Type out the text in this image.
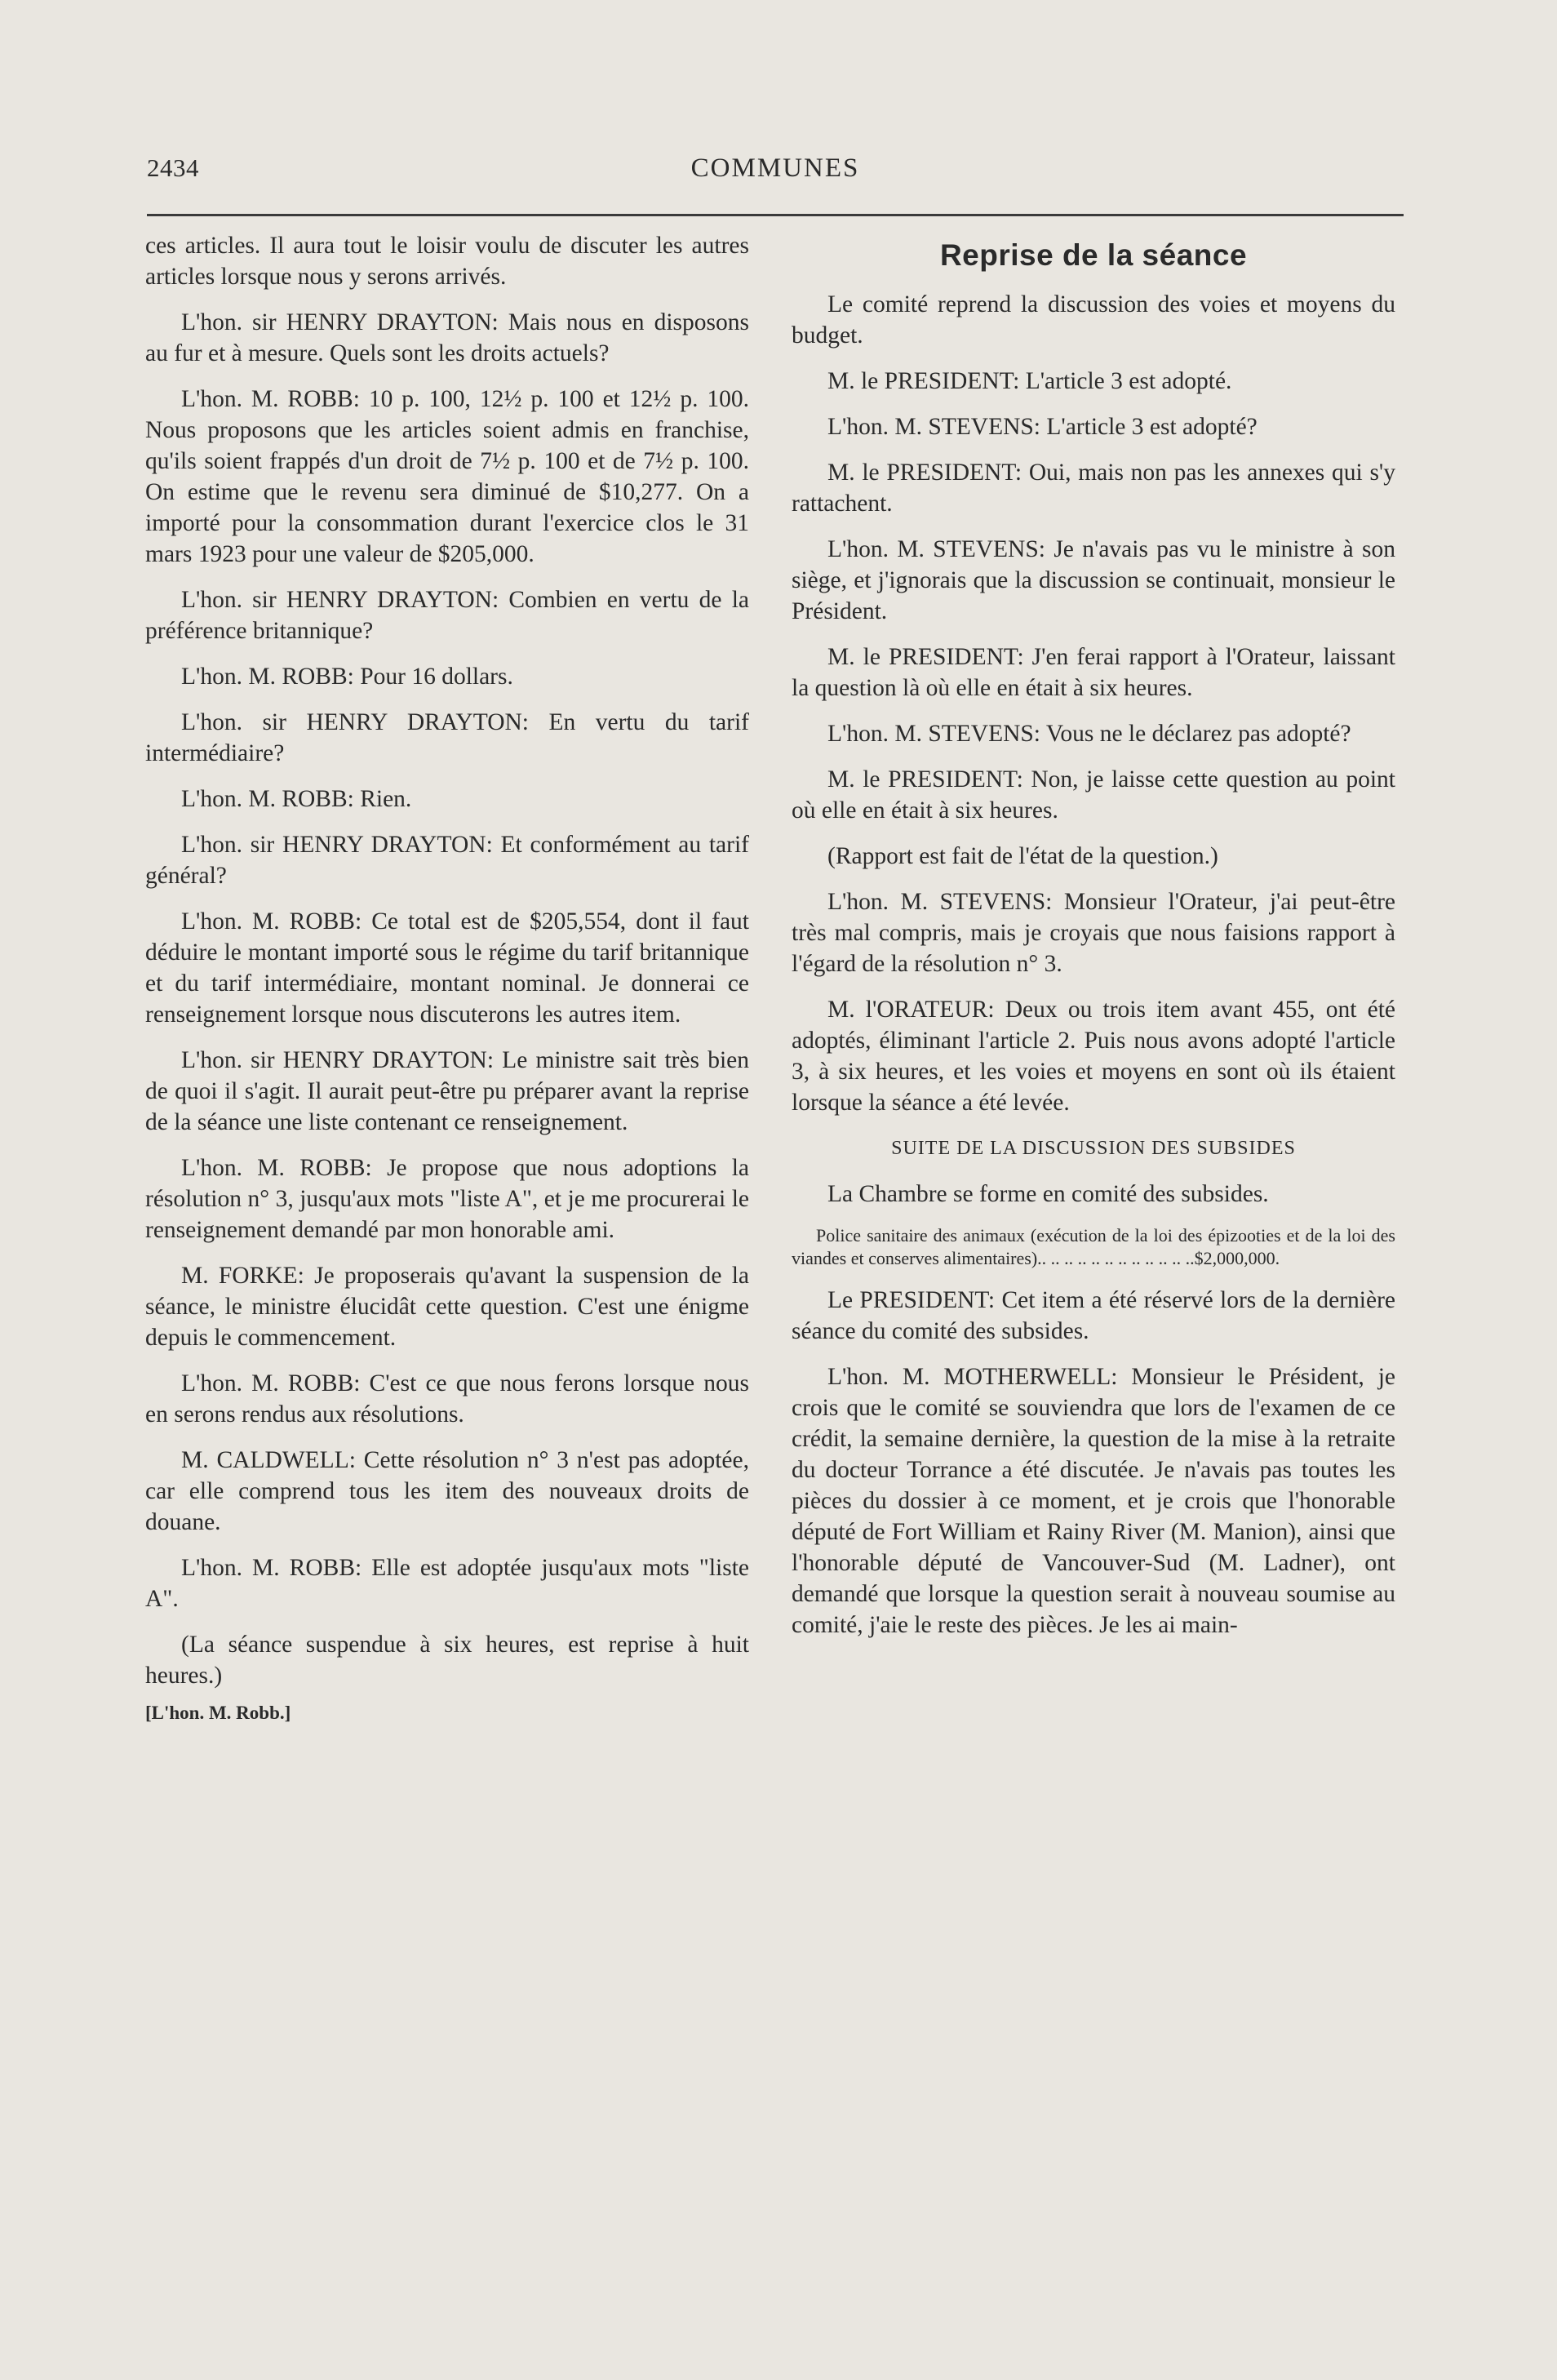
2434	COMMUNES

ces articles. Il aura tout le loisir voulu de discuter les autres articles lorsque nous y serons arrivés.

L'hon. sir HENRY DRAYTON: Mais nous en disposons au fur et à mesure. Quels sont les droits actuels?

L'hon. M. ROBB: 10 p. 100, 12½ p. 100 et 12½ p. 100. Nous proposons que les articles soient admis en franchise, qu'ils soient frappés d'un droit de 7½ p. 100 et de 7½ p. 100. On estime que le revenu sera diminué de $10,277. On a importé pour la consommation durant l'exercice clos le 31 mars 1923 pour une valeur de $205,000.

L'hon. sir HENRY DRAYTON: Combien en vertu de la préférence britannique?

L'hon. M. ROBB: Pour 16 dollars.

L'hon. sir HENRY DRAYTON: En vertu du tarif intermédiaire?

L'hon. M. ROBB: Rien.

L'hon. sir HENRY DRAYTON: Et conformément au tarif général?

L'hon. M. ROBB: Ce total est de $205,554, dont il faut déduire le montant importé sous le régime du tarif britannique et du tarif intermédiaire, montant nominal. Je donnerai ce renseignement lorsque nous discuterons les autres item.

L'hon. sir HENRY DRAYTON: Le ministre sait très bien de quoi il s'agit. Il aurait peut-être pu préparer avant la reprise de la séance une liste contenant ce renseignement.

L'hon. M. ROBB: Je propose que nous adoptions la résolution n° 3, jusqu'aux mots "liste A", et je me procurerai le renseignement demandé par mon honorable ami.

M. FORKE: Je proposerais qu'avant la suspension de la séance, le ministre élucidât cette question. C'est une énigme depuis le commencement.

L'hon. M. ROBB: C'est ce que nous ferons lorsque nous en serons rendus aux résolutions.

M. CALDWELL: Cette résolution n° 3 n'est pas adoptée, car elle comprend tous les item des nouveaux droits de douane.

L'hon. M. ROBB: Elle est adoptée jusqu'aux mots "liste A".

(La séance suspendue à six heures, est reprise à huit heures.)

[L'hon. M. Robb.]
Reprise de la séance

Le comité reprend la discussion des voies et moyens du budget.

M. le PRESIDENT: L'article 3 est adopté.

L'hon. M. STEVENS: L'article 3 est adopté?

M. le PRESIDENT: Oui, mais non pas les annexes qui s'y rattachent.

L'hon. M. STEVENS: Je n'avais pas vu le ministre à son siège, et j'ignorais que la discussion se continuait, monsieur le Président.

M. le PRESIDENT: J'en ferai rapport à l'Orateur, laissant la question là où elle en était à six heures.

L'hon. M. STEVENS: Vous ne le déclarez pas adopté?

M. le PRESIDENT: Non, je laisse cette question au point où elle en était à six heures.

(Rapport est fait de l'état de la question.)

L'hon. M. STEVENS: Monsieur l'Orateur, j'ai peut-être très mal compris, mais je croyais que nous faisions rapport à l'égard de la résolution n° 3.

M. l'ORATEUR: Deux ou trois item avant 455, ont été adoptés, éliminant l'article 2. Puis nous avons adopté l'article 3, à six heures, et les voies et moyens en sont où ils étaient lorsque la séance a été levée.

SUITE DE LA DISCUSSION DES SUBSIDES

La Chambre se forme en comité des subsides.

Police sanitaire des animaux (exécution de la loi des épizooties et de la loi des viandes et conserves alimentaires).. .. .. .. .. .. .. .. .. .. .. ..$2,000,000.

Le PRESIDENT: Cet item a été réservé lors de la dernière séance du comité des subsides.

L'hon. M. MOTHERWELL: Monsieur le Président, je crois que le comité se souviendra que lors de l'examen de ce crédit, la semaine dernière, la question de la mise à la retraite du docteur Torrance a été discutée. Je n'avais pas toutes les pièces du dossier à ce moment, et je crois que l'honorable député de Fort William et Rainy River (M. Manion), ainsi que l'honorable député de Vancouver-Sud (M. Ladner), ont demandé que lorsque la question serait à nouveau soumise au comité, j'aie le reste des pièces. Je les ai main-
